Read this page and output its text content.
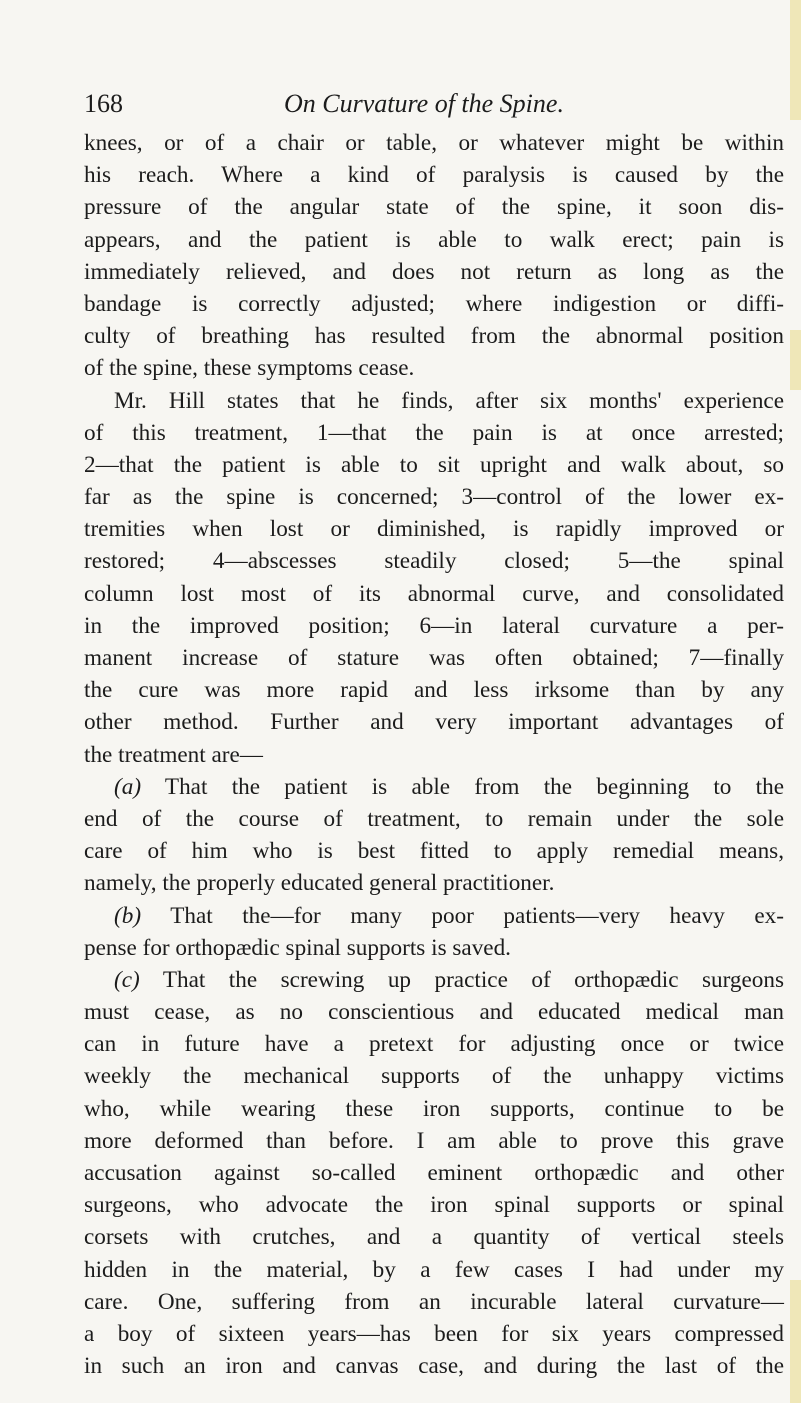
168	On Curvature of the Spine.
knees, or of a chair or table, or whatever might be within
his reach. Where a kind of paralysis is caused by the
pressure of the angular state of the spine, it soon dis-
appears, and the patient is able to walk erect; pain is
immediately relieved, and does not return as long as the
bandage is correctly adjusted; where indigestion or diffi-
culty of breathing has resulted from the abnormal position
of the spine, these symptoms cease.
Mr. Hill states that he finds, after six months' experience
of this treatment, 1—that the pain is at once arrested;
2—that the patient is able to sit upright and walk about, so
far as the spine is concerned; 3—control of the lower ex-
tremities when lost or diminished, is rapidly improved or
restored; 4—abscesses steadily closed; 5—the spinal
column lost most of its abnormal curve, and consolidated
in the improved position; 6—in lateral curvature a per-
manent increase of stature was often obtained; 7—finally
the cure was more rapid and less irksome than by any
other method. Further and very important advantages of
the treatment are—
(a) That the patient is able from the beginning to the
end of the course of treatment, to remain under the sole
care of him who is best fitted to apply remedial means,
namely, the properly educated general practitioner.
(b) That the—for many poor patients—very heavy ex-
pense for orthopædic spinal supports is saved.
(c) That the screwing up practice of orthopædic surgeons
must cease, as no conscientious and educated medical man
can in future have a pretext for adjusting once or twice
weekly the mechanical supports of the unhappy victims
who, while wearing these iron supports, continue to be
more deformed than before. I am able to prove this grave
accusation against so-called eminent orthopædic and other
surgeons, who advocate the iron spinal supports or spinal
corsets with crutches, and a quantity of vertical steels
hidden in the material, by a few cases I had under my
care. One, suffering from an incurable lateral curvature—
a boy of sixteen years—has been for six years compressed
in such an iron and canvas case, and during the last of the
